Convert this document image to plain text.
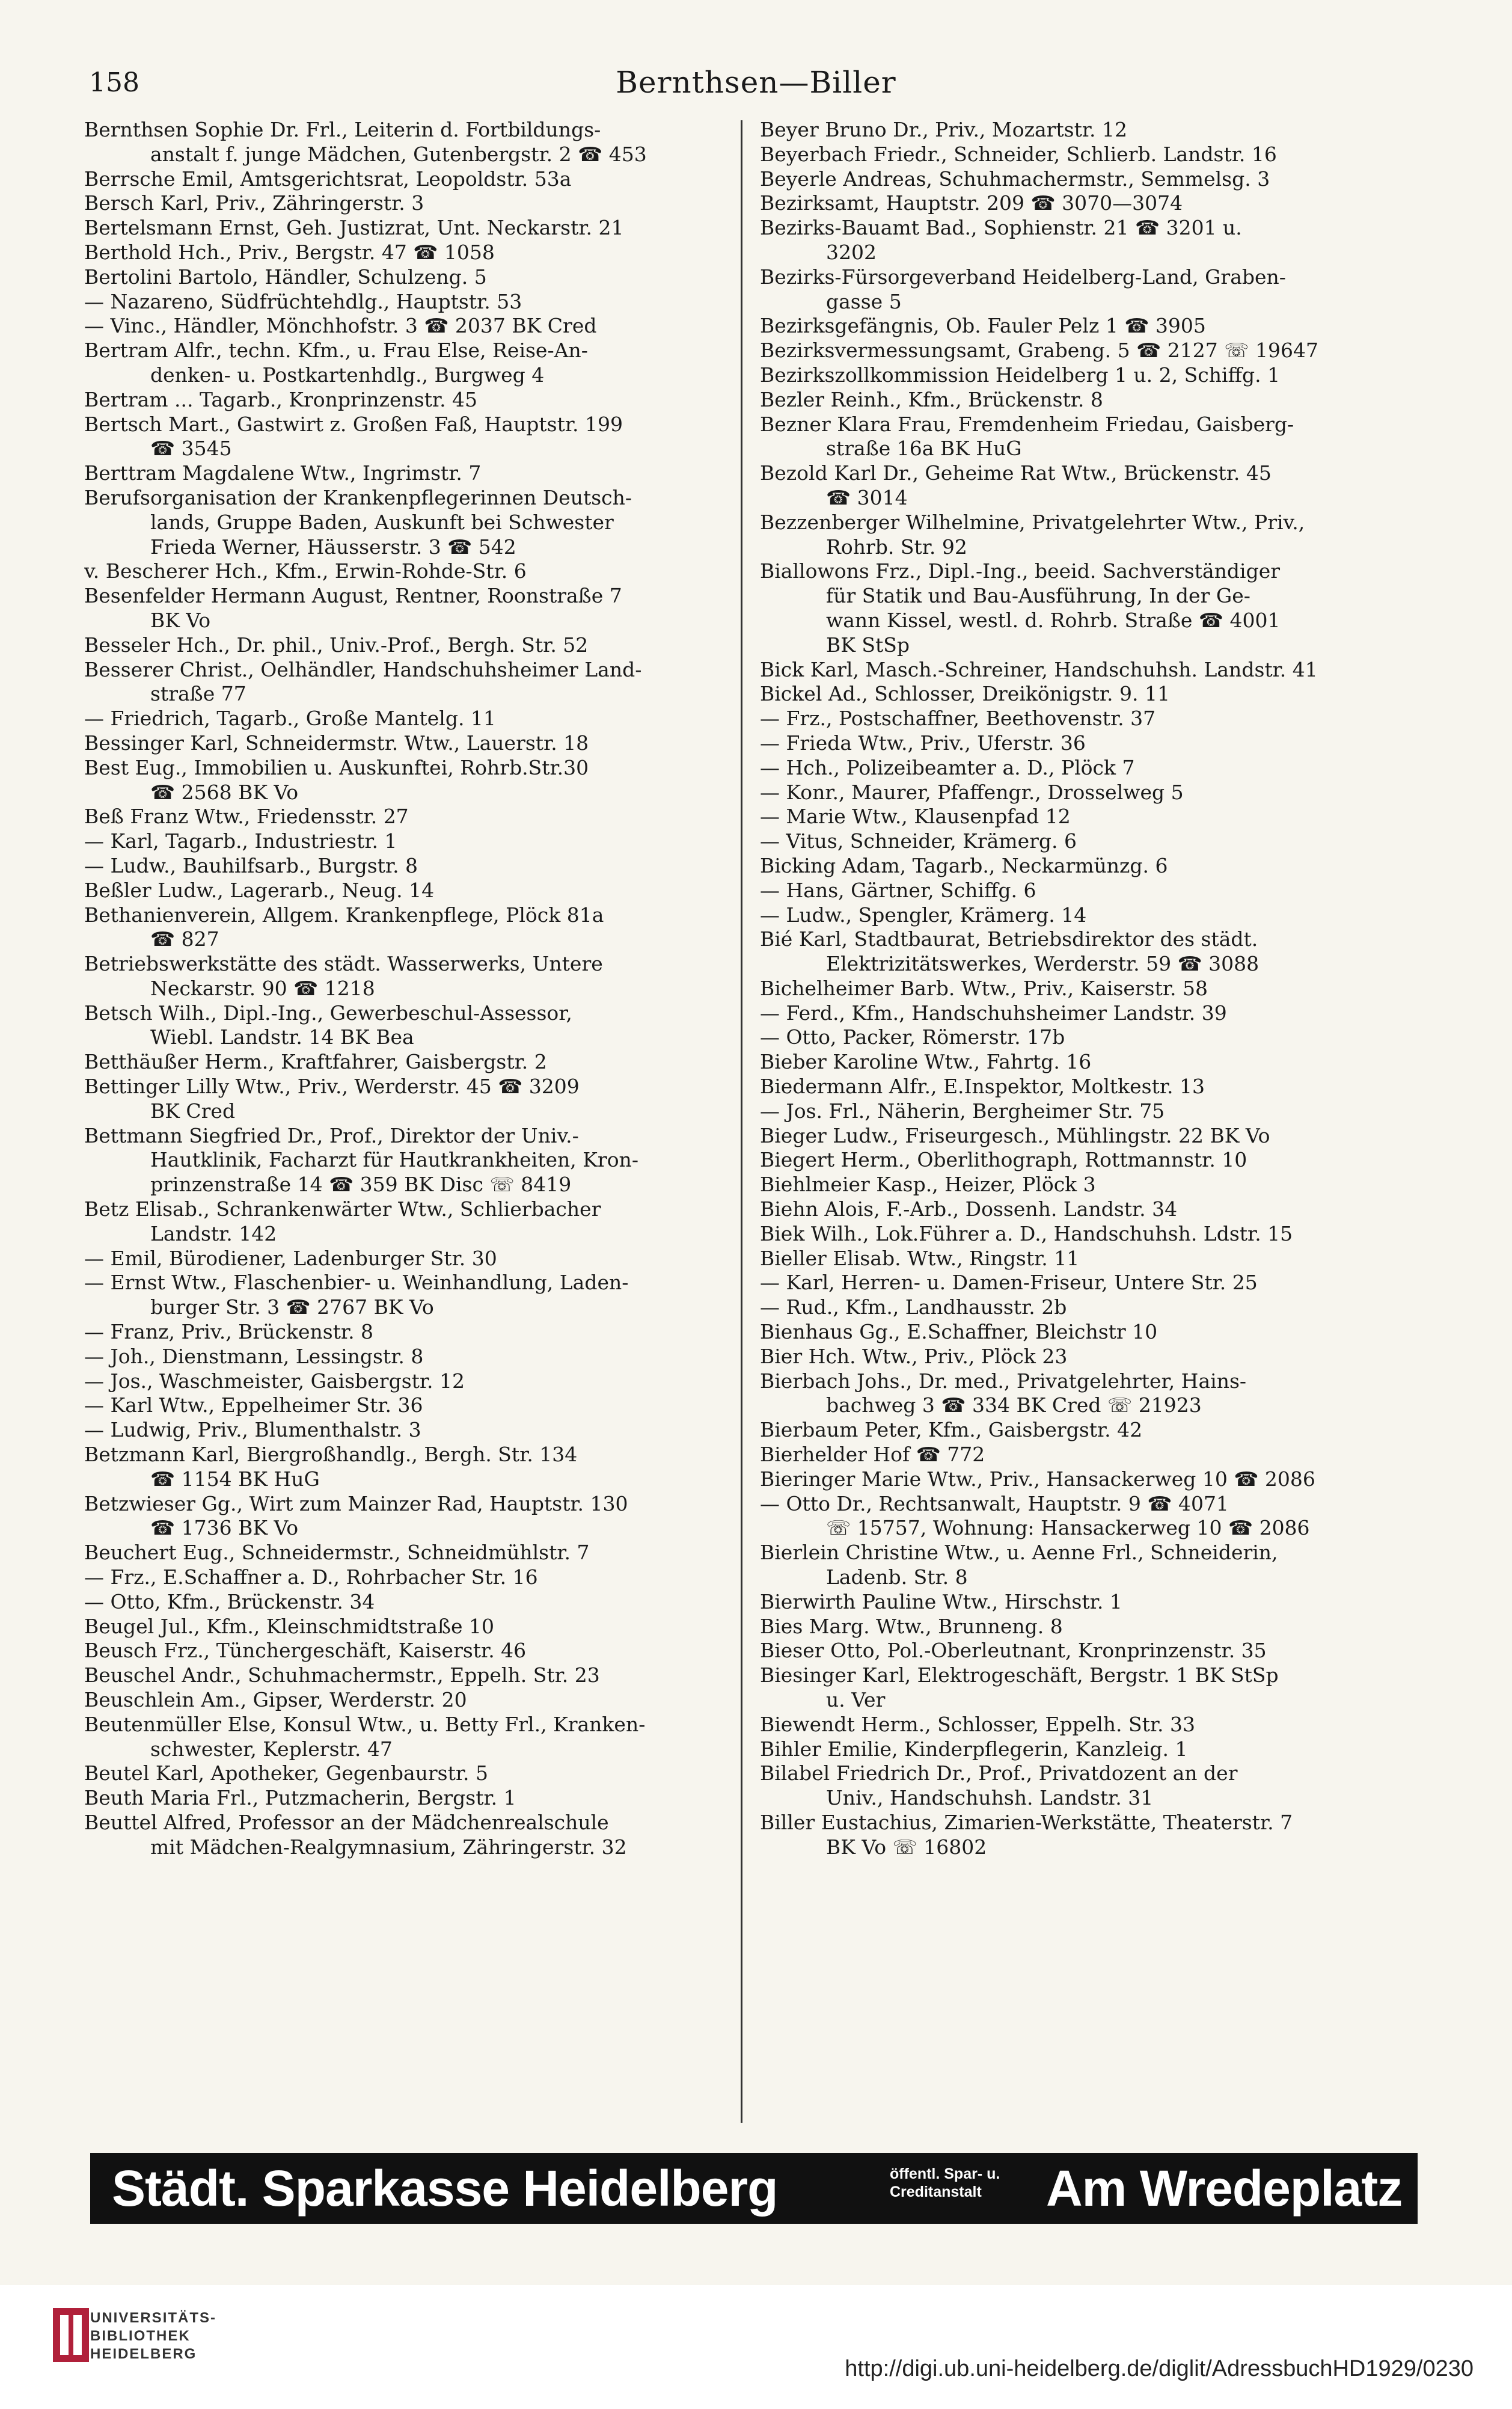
158	Bernthsen—Biller
Bernthsen Sophie Dr. Frl., Leiterin d. Fortbildungs-
anstalt f. junge Mädchen, Gutenbergstr. 2 ☎ 453
Berrsche Emil, Amtsgerichtsrat, Leopoldstr. 53a
Bersch Karl, Priv., Zähringerstr. 3
Bertelsmann Ernst, Geh. Justizrat, Unt. Neckarstr. 21
Berthold Hch., Priv., Bergstr. 47 ☎ 1058
Bertolini Bartolo, Händler, Schulzeng. 5
— Nazareno, Südfrüchtehdlg., Hauptstr. 53
— Vinc., Händler, Mönchhofstr. 3 ☎ 2037 BK Cred
Bertram Alfr., techn. Kfm., u. Frau Else, Reise-An-
denken- u. Postkartenhdlg., Burgweg 4
Bertram ... Tagarb., Kronprinzenstr. 45
Bertsch Mart., Gastwirt z. Großen Faß, Hauptstr. 199
☎ 3545
Berttram Magdalene Wtw., Ingrimstr. 7
Berufsorganisation der Krankenpflegerinnen Deutsch-
lands, Gruppe Baden, Auskunft bei Schwester
Frieda Werner, Häusserstr. 3 ☎ 542
v. Bescherer Hch., Kfm., Erwin-Rohde-Str. 6
Besenfelder Hermann August, Rentner, Roonstraße 7
BK Vo
Besseler Hch., Dr. phil., Univ.-Prof., Bergh. Str. 52
Besserer Christ., Oelhändler, Handschuhsheimer Land-
straße 77
— Friedrich, Tagarb., Große Mantelg. 11
Bessinger Karl, Schneidermstr. Wtw., Lauerstr. 18
Best Eug., Immobilien u. Auskunftei, Rohrb.Str.30
☎ 2568 BK Vo
Beß Franz Wtw., Friedensstr. 27
— Karl, Tagarb., Industriestr. 1
— Ludw., Bauhilfsarb., Burgstr. 8
Beßler Ludw., Lagerarb., Neug. 14
Bethanienverein, Allgem. Krankenpflege, Plöck 81a
☎ 827
Betriebswerkstätte des städt. Wasserwerks, Untere
Neckarstr. 90 ☎ 1218
Betsch Wilh., Dipl.-Ing., Gewerbeschul-Assessor,
Wiebl. Landstr. 14 BK Bea
Betthäußer Herm., Kraftfahrer, Gaisbergstr. 2
Bettinger Lilly Wtw., Priv., Werderstr. 45 ☎ 3209
BK Cred
Bettmann Siegfried Dr., Prof., Direktor der Univ.-
Hautklinik, Facharzt für Hautkrankheiten, Kron-
prinzenstraße 14 ☎ 359 BK Disc ☏ 8419
Betz Elisab., Schrankenwärter Wtw., Schlierbacher
Landstr. 142
— Emil, Bürodiener, Ladenburger Str. 30
— Ernst Wtw., Flaschenbier- u. Weinhandlung, Laden-
burger Str. 3 ☎ 2767 BK Vo
— Franz, Priv., Brückenstr. 8
— Joh., Dienstmann, Lessingstr. 8
— Jos., Waschmeister, Gaisbergstr. 12
— Karl Wtw., Eppelheimer Str. 36
— Ludwig, Priv., Blumenthalstr. 3
Betzmann Karl, Biergroßhandlg., Bergh. Str. 134
☎ 1154 BK HuG
Betzwieser Gg., Wirt zum Mainzer Rad, Hauptstr. 130
☎ 1736 BK Vo
Beuchert Eug., Schneidermstr., Schneidmühlstr. 7
— Frz., E.Schaffner a. D., Rohrbacher Str. 16
— Otto, Kfm., Brückenstr. 34
Beugel Jul., Kfm., Kleinschmidtstraße 10
Beusch Frz., Tünchergeschäft, Kaiserstr. 46
Beuschel Andr., Schuhmachermstr., Eppelh. Str. 23
Beuschlein Am., Gipser, Werderstr. 20
Beutenmüller Else, Konsul Wtw., u. Betty Frl., Kranken-
schwester, Keplerstr. 47
Beutel Karl, Apotheker, Gegenbaurstr. 5
Beuth Maria Frl., Putzmacherin, Bergstr. 1
Beuttel Alfred, Professor an der Mädchenrealschule
mit Mädchen-Realgymnasium, Zähringerstr. 32
Beyer Bruno Dr., Priv., Mozartstr. 12
Beyerbach Friedr., Schneider, Schlierb. Landstr. 16
Beyerle Andreas, Schuhmachermstr., Semmelsg. 3
Bezirksamt, Hauptstr. 209 ☎ 3070—3074
Bezirks-Bauamt Bad., Sophienstr. 21 ☎ 3201 u.
3202
Bezirks-Fürsorgeverband Heidelberg-Land, Graben-
gasse 5
Bezirksgefängnis, Ob. Fauler Pelz 1 ☎ 3905
Bezirksvermessungsamt, Grabeng. 5 ☎ 2127 ☏ 19647
Bezirkszollkommission Heidelberg 1 u. 2, Schiffg. 1
Bezler Reinh., Kfm., Brückenstr. 8
Bezner Klara Frau, Fremdenheim Friedau, Gaisberg-
straße 16a BK HuG
Bezold Karl Dr., Geheime Rat Wtw., Brückenstr. 45
☎ 3014
Bezzenberger Wilhelmine, Privatgelehrter Wtw., Priv.,
Rohrb. Str. 92
Biallowons Frz., Dipl.-Ing., beeid. Sachverständiger
für Statik und Bau-Ausführung, In der Ge-
wann Kissel, westl. d. Rohrb. Straße ☎ 4001
BK StSp
Bick Karl, Masch.-Schreiner, Handschuhsh. Landstr. 41
Bickel Ad., Schlosser, Dreikönigstr. 9. 11
— Frz., Postschaffner, Beethovenstr. 37
— Frieda Wtw., Priv., Uferstr. 36
— Hch., Polizeibeamter a. D., Plöck 7
— Konr., Maurer, Pfaffengr., Drosselweg 5
— Marie Wtw., Klausenpfad 12
— Vitus, Schneider, Krämerg. 6
Bicking Adam, Tagarb., Neckarmünzg. 6
— Hans, Gärtner, Schiffg. 6
— Ludw., Spengler, Krämerg. 14
Bié Karl, Stadtbaurat, Betriebsdirektor des städt.
Elektrizitätswerkes, Werderstr. 59 ☎ 3088
Bichelheimer Barb. Wtw., Priv., Kaiserstr. 58
— Ferd., Kfm., Handschuhsheimer Landstr. 39
— Otto, Packer, Römerstr. 17b
Bieber Karoline Wtw., Fahrtg. 16
Biedermann Alfr., E.Inspektor, Moltkestr. 13
— Jos. Frl., Näherin, Bergheimer Str. 75
Bieger Ludw., Friseurgesch., Mühlingstr. 22 BK Vo
Biegert Herm., Oberlithograph, Rottmannstr. 10
Biehlmeier Kasp., Heizer, Plöck 3
Biehn Alois, F.-Arb., Dossenh. Landstr. 34
Biek Wilh., Lok.Führer a. D., Handschuhsh. Ldstr. 15
Bieller Elisab. Wtw., Ringstr. 11
— Karl, Herren- u. Damen-Friseur, Untere Str. 25
— Rud., Kfm., Landhausstr. 2b
Bienhaus Gg., E.Schaffner, Bleichstr 10
Bier Hch. Wtw., Priv., Plöck 23
Bierbach Johs., Dr. med., Privatgelehrter, Hains-
bachweg 3 ☎ 334 BK Cred ☏ 21923
Bierbaum Peter, Kfm., Gaisbergstr. 42
Bierhelder Hof ☎ 772
Bieringer Marie Wtw., Priv., Hansackerweg 10 ☎ 2086
— Otto Dr., Rechtsanwalt, Hauptstr. 9 ☎ 4071
☏ 15757, Wohnung: Hansackerweg 10 ☎ 2086
Bierlein Christine Wtw., u. Aenne Frl., Schneiderin,
Ladenb. Str. 8
Bierwirth Pauline Wtw., Hirschstr. 1
Bies Marg. Wtw., Brunneng. 8
Bieser Otto, Pol.-Oberleutnant, Kronprinzenstr. 35
Biesinger Karl, Elektrogeschäft, Bergstr. 1 BK StSp
u. Ver
Biewendt Herm., Schlosser, Eppelh. Str. 33
Bihler Emilie, Kinderpflegerin, Kanzleig. 1
Bilabel Friedrich Dr., Prof., Privatdozent an der
Univ., Handschuhsh. Landstr. 31
Biller Eustachius, Zimarien-Werkstätte, Theaterstr. 7
BK Vo ☏ 16802
Städt. Sparkasse Heidelberg	öffentl. Spar- u.
Creditanstalt	Am Wredeplatz
UNIVERSITÄTS-
BIBLIOTHEK
HEIDELBERG
http://digi.ub.uni-heidelberg.de/diglit/AdressbuchHD1929/0230
